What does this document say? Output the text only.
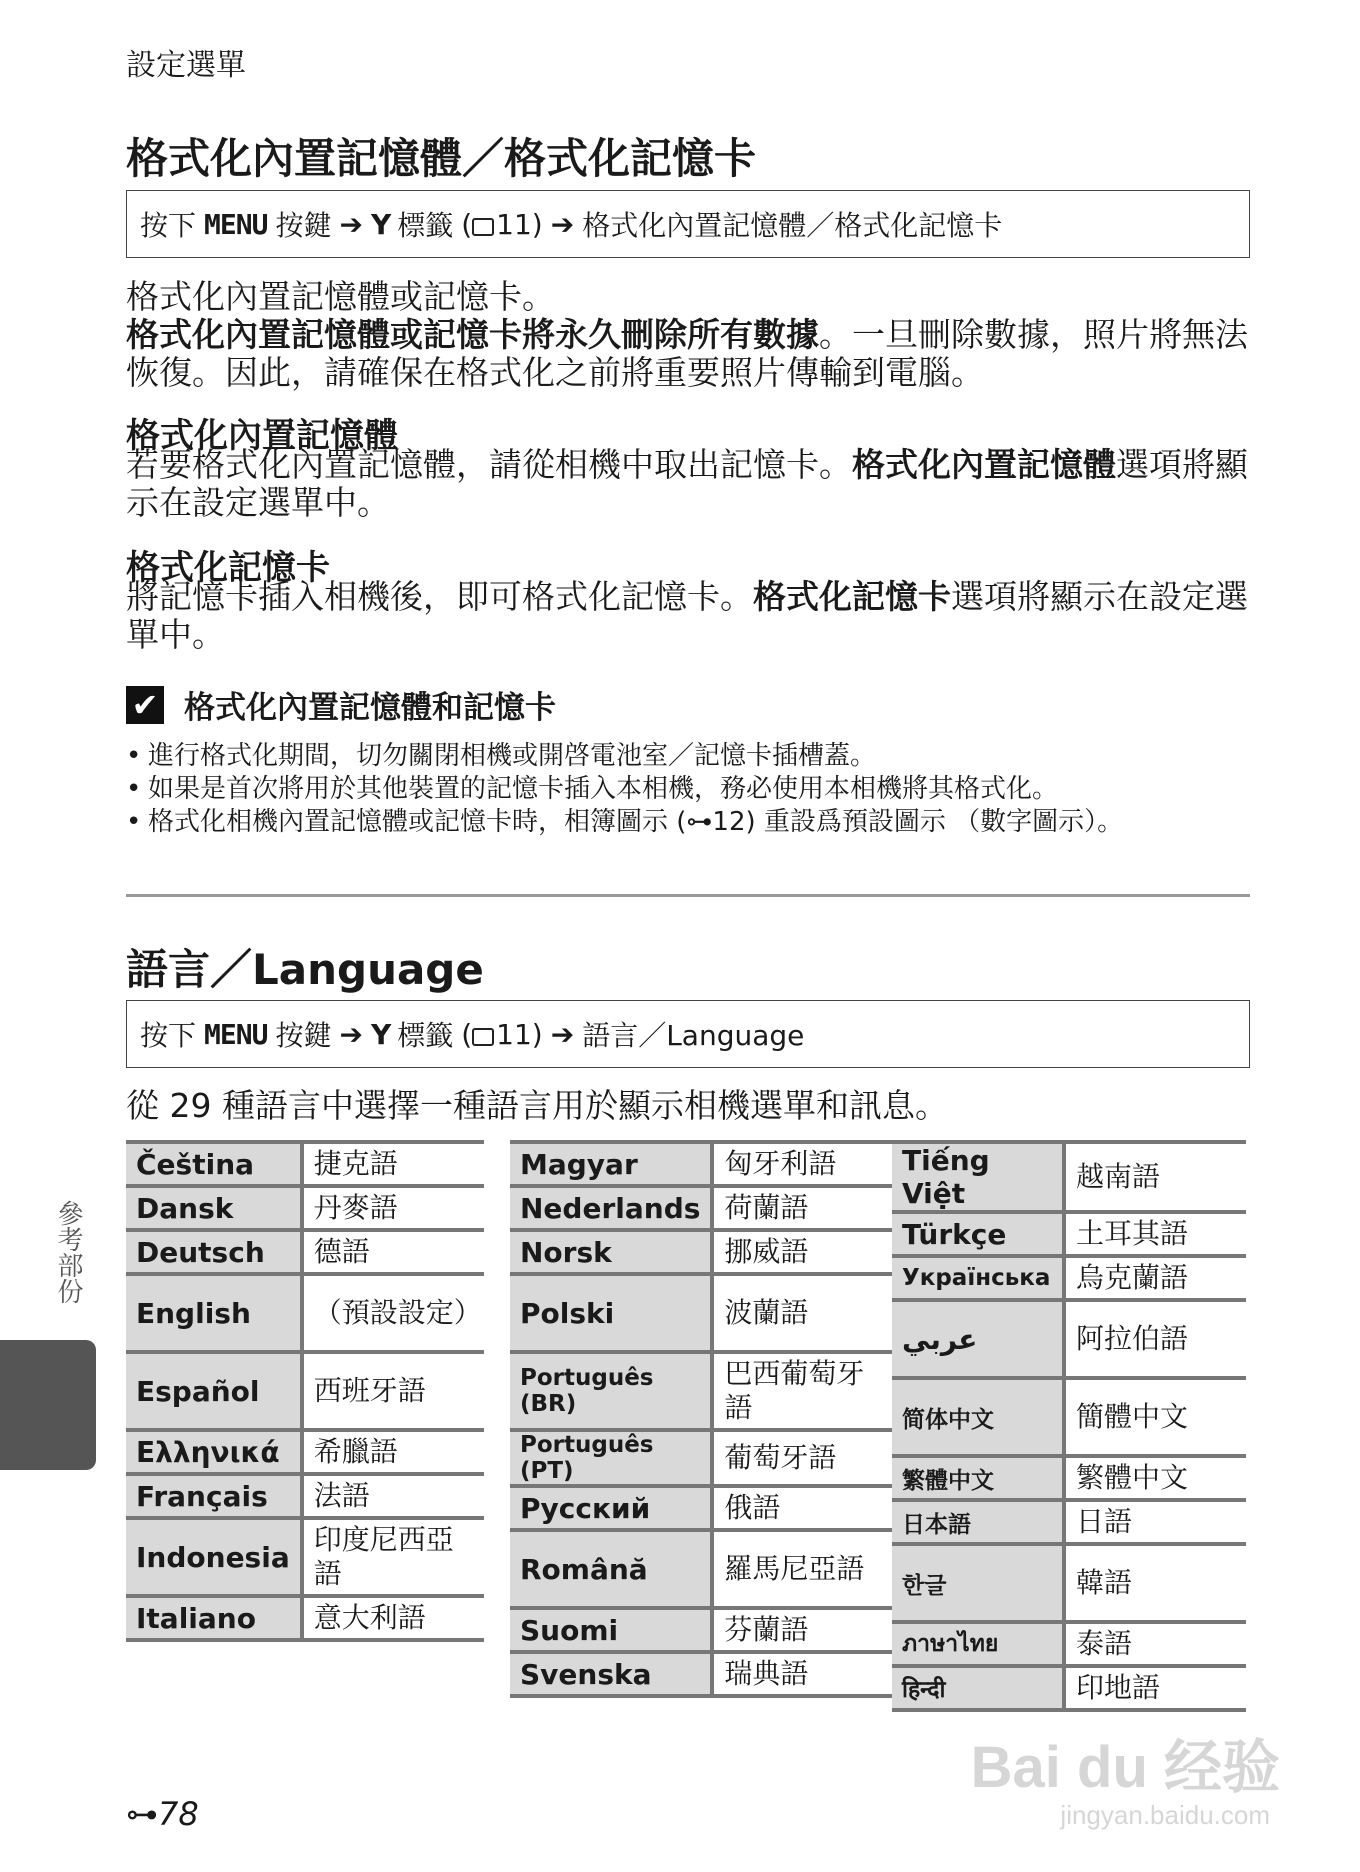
設定選單
格式化內置記憶體／格式化記憶卡
按下 MENU 按鍵 ➔ Y 標籤 ( 11) ➔ 格式化內置記憶體／格式化記憶卡
格式化內置記憶體或記憶卡。
格式化內置記憶體或記憶卡將永久刪除所有數據。一旦刪除數據，照片將無法恢復。因此，請確保在格式化之前將重要照片傳輸到電腦。
格式化內置記憶體
若要格式化內置記憶體，請從相機中取出記憶卡。格式化內置記憶體選項將顯示在設定選單中。
格式化記憶卡
將記憶卡插入相機後，即可格式化記憶卡。格式化記憶卡選項將顯示在設定選單中。
✔ 格式化內置記憶體和記憶卡
• 進行格式化期間，切勿關閉相機或開啓電池室／記憶卡插槽蓋。
• 如果是首次將用於其他裝置的記憶卡插入本相機，務必使用本相機將其格式化。
• 格式化相機內置記憶體或記憶卡時，相簿圖示 (⊶12) 重設爲預設圖示 （數字圖示）。
語言／Language
按下 MENU 按鍵 ➔ Y 標籤 ( 11) ➔ 語言／Language
從 29 種語言中選擇一種語言用於顯示相機選單和訊息。
Čeština	捷克語
Dansk	丹麥語
Deutsch	德語
English	（預設設定）
Español	西班牙語
Ελληνικά	希臘語
Français	法語
Indonesia	印度尼西亞語
Italiano	意大利語
Magyar	匈牙利語
Nederlands	荷蘭語
Norsk	挪威語
Polski	波蘭語
Português (BR)	巴西葡萄牙語
Português (PT)	葡萄牙語
Русский	俄語
Română	羅馬尼亞語
Suomi	芬蘭語
Svenska	瑞典語
Tiếng Việt	越南語
Türkçe	土耳其語
Українська	烏克蘭語
عربي	阿拉伯語
简体中文	簡體中文
繁體中文	繁體中文
日本語	日語
한글	韓語
ภาษาไทย	泰語
हिन्दी	印地語
參考部份
⊶78
Bai du 经验
jingyan.baidu.com
